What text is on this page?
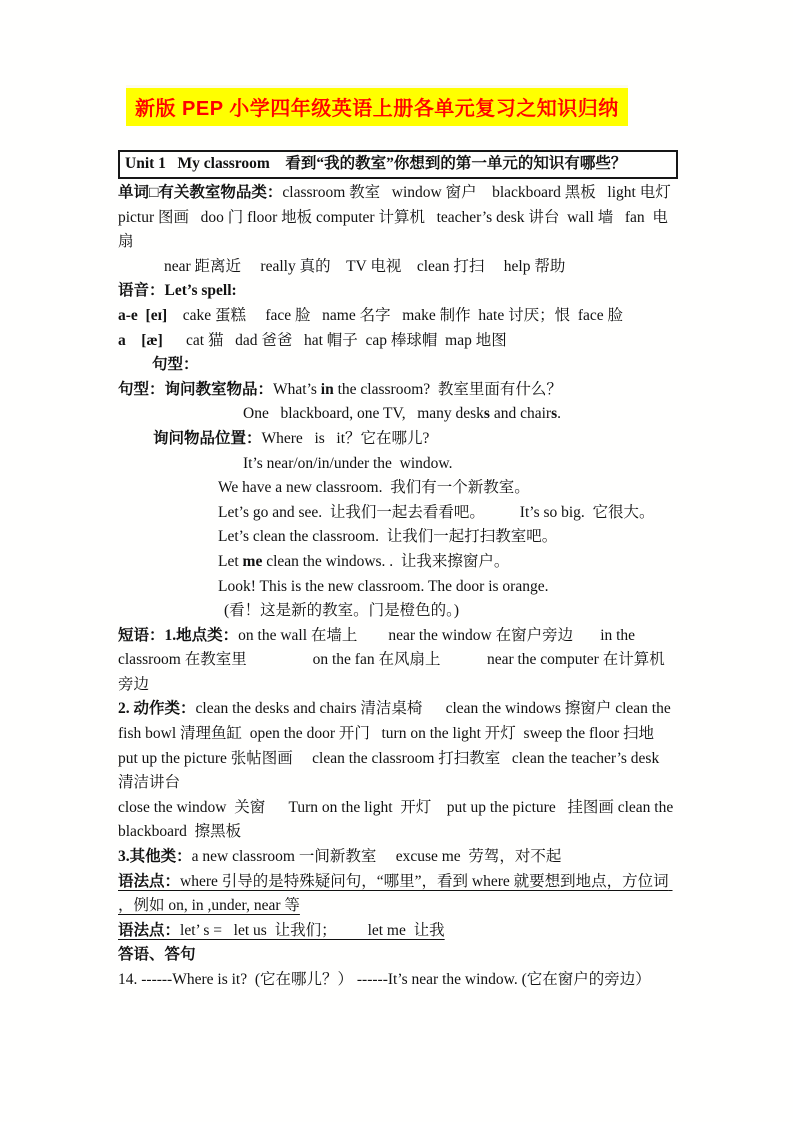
新版 PEP 小学四年级英语上册各单元复习之知识归纳
Unit 1   My classroom 看到“我的教室”你想到的第一单元的知识有哪些？
单词□有关教室物品类：classroom 教室   window 窗户    blackboard 黑板   light 电灯   pictur 图画   doo 门 floor 地板 computer 计算机   teacher’s desk 讲台  wall 墙   fan  电扇
near 距离近     really 真的    TV 电视    clean 打扫     help 帮助
语音：Let’s spell:
a-e  [eɪ]    cake 蛋糕     face 脸   name 名字   make 制作  hate 讨厌；恨  face 脸
a    [æ]      cat 猫   dad 爸爸   hat 帽子  cap 棒球帽  map 地图
句型：
句型：询问教室物品：What’s in the classroom?  教室里面有什么？
One   blackboard, one TV,   many desks and chairs.
询问物品位置：Where   is   it？它在哪儿?
It’s near/on/in/under the  window.
We have a new classroom.  我们有一个新教室。
Let’s go and see.  让我们一起去看看吧。         It’s so big.  它很大。
Let’s clean the classroom.  让我们一起打扫教室吧。
Let me clean the windows. .  让我来擦窗户。
Look! This is the new classroom. The door is orange.
(看！这是新的教室。门是橙色的。)
短语：1.地点类：on the wall 在墙上        near the window 在窗户旁边       in the classroom 在教室里                 on the fan 在风扇上            near the computer 在计算机旁边
2. 动作类：clean the desks and chairs 清洁桌椅      clean the windows 擦窗户 clean the fish bowl 清理鱼缸  open the door 开门   turn on the light 开灯  sweep the floor 扫地   put up the picture 张帖图画     clean the classroom 打扫教室   clean the teacher’s desk  清洁讲台
close the window  关窗      Turn on the light  开灯    put up the picture   挂图画 clean the blackboard  擦黑板
3.其他类：a new classroom 一间新教室     excuse me  劳驾，对不起
语法点：where 引导的是特殊疑问句，“哪里”，看到 where 就要想到地点，方位词 ，例如 on, in ,under, near 等
语法点：let’ s =   let us  让我们；        let me  让我
答语、答句
14. ------Where is it?  (它在哪儿？） ------It’s near the window. (它在窗户的旁边）
